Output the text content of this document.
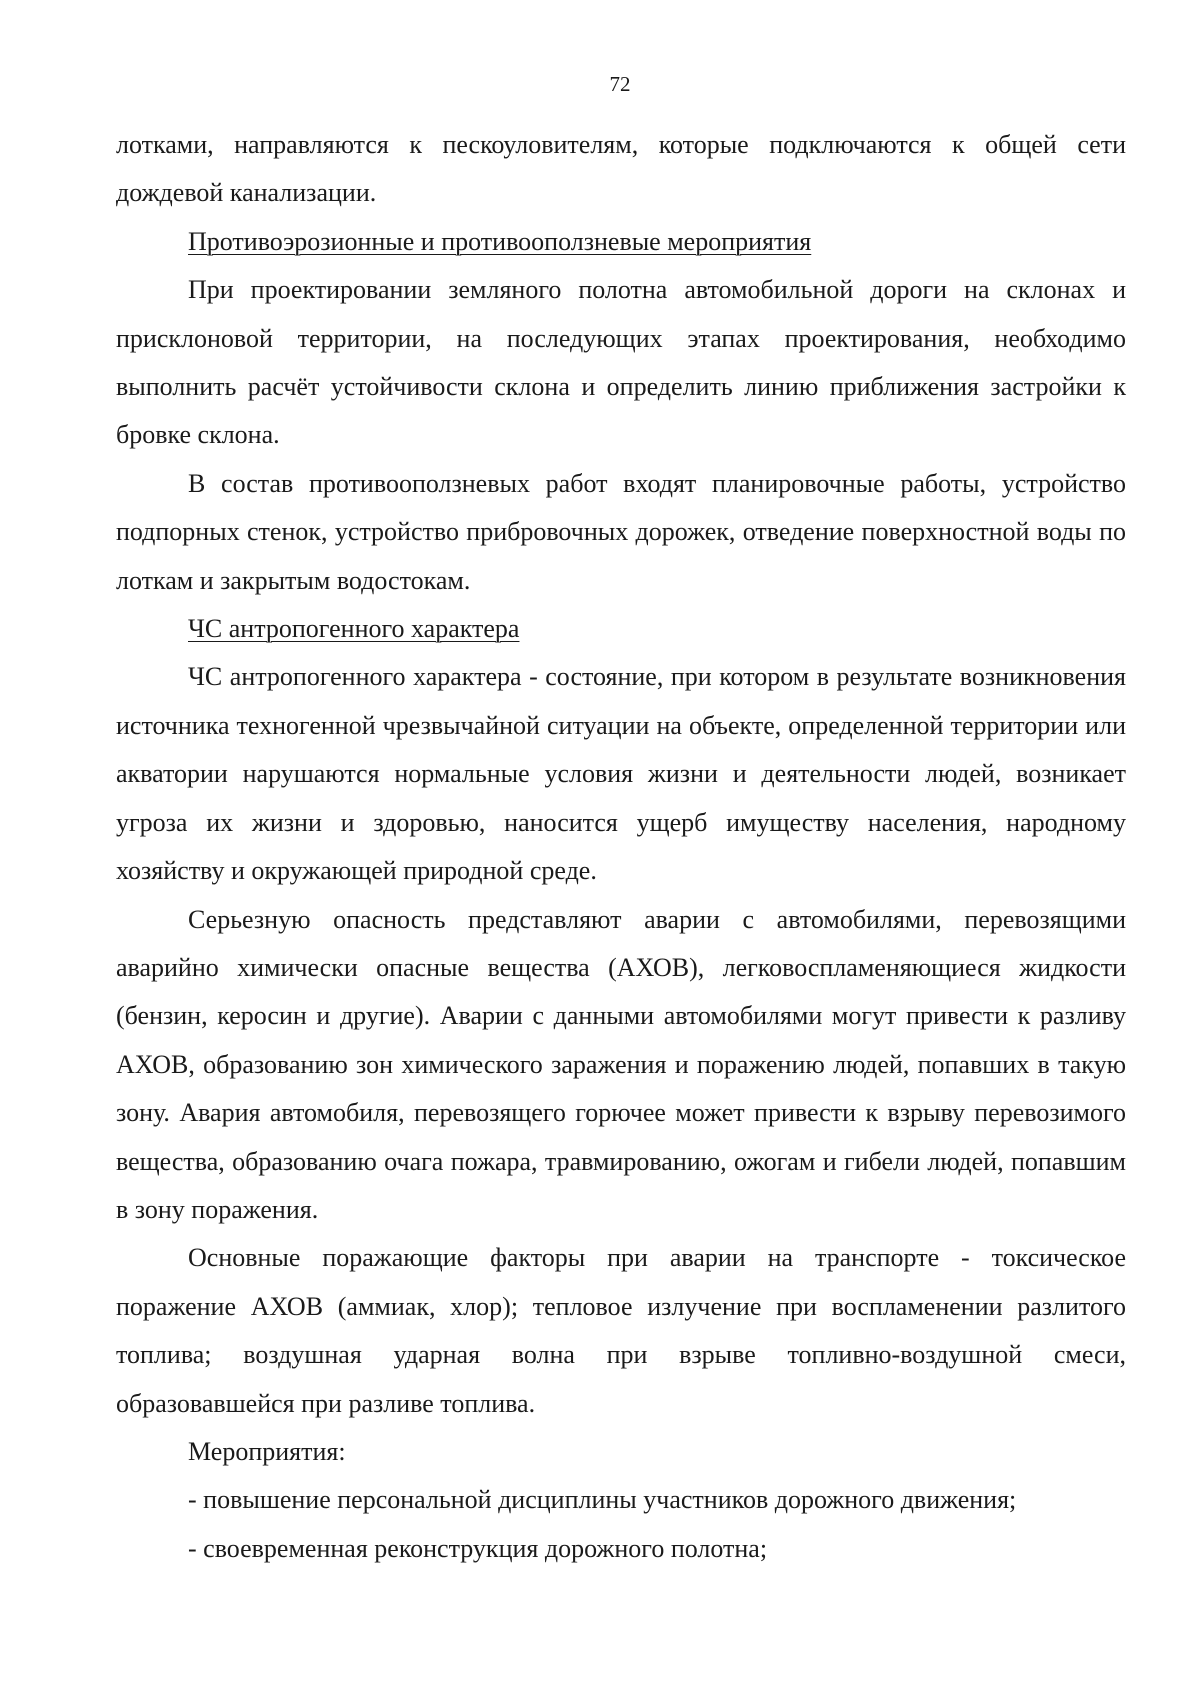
72

лотками, направляются к пескоуловителям, которые подключаются к общей сети дождевой канализации.

Противоэрозионные и противооползневые мероприятия

При проектировании земляного полотна автомобильной дороги на склонах и присклоновой территории, на последующих этапах проектирования, необходимо выполнить расчёт устойчивости склона и определить линию приближения застройки к бровке склона.

В состав противооползневых работ входят планировочные работы, устройство подпорных стенок, устройство прибровочных дорожек, отведение поверхностной воды по лоткам и закрытым водостокам.

ЧС антропогенного характера

ЧС антропогенного характера - состояние, при котором в результате возникновения источника техногенной чрезвычайной ситуации на объекте, определенной территории или акватории нарушаются нормальные условия жизни и деятельности людей, возникает угроза их жизни и здоровью, наносится ущерб имуществу населения, народному хозяйству и окружающей природной среде.

Серьезную опасность представляют аварии с автомобилями, перевозящими аварийно химически опасные вещества (АХОВ), легковоспламеняющиеся жидкости (бензин, керосин и другие). Аварии с данными автомобилями могут привести к разливу АХОВ, образованию зон химического заражения и поражению людей, попавших в такую зону. Авария автомобиля, перевозящего горючее может привести к взрыву перевозимого вещества, образованию очага пожара, травмированию, ожогам и гибели людей, попавшим в зону поражения.

Основные поражающие факторы при аварии на транспорте - токсическое поражение АХОВ (аммиак, хлор); тепловое излучение при воспламенении разлитого топлива; воздушная ударная волна при взрыве топливно-воздушной смеси, образовавшейся при разливе топлива.

Мероприятия:

- повышение персональной дисциплины участников дорожного движения;

- своевременная реконструкция дорожного полотна;
